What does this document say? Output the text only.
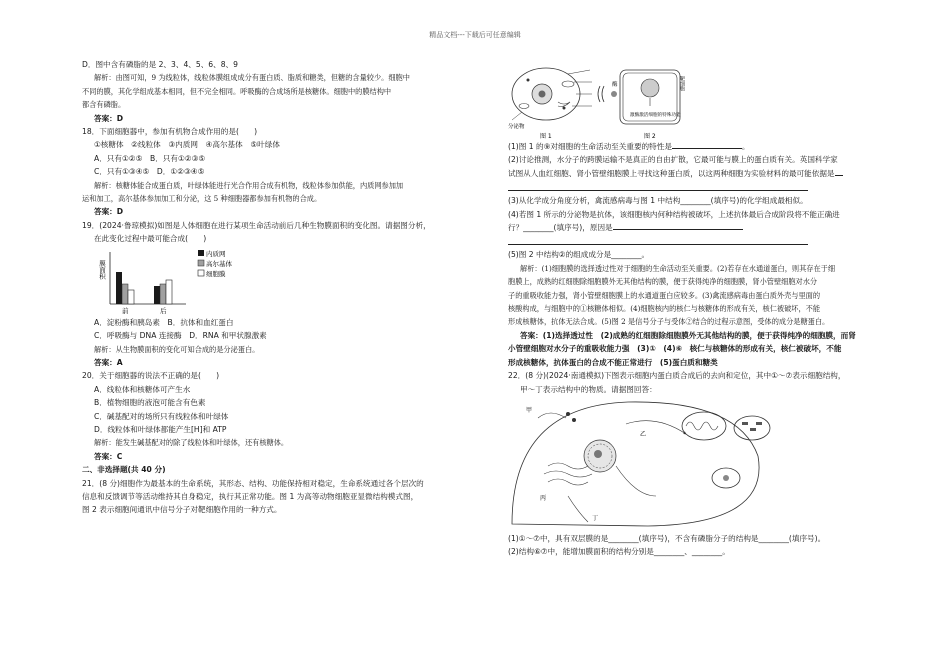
精品文档---下载后可任意编辑
D．图中含有磷脂的是 2、3、4、5、6、8、9
解析：由图可知，9 为线粒体，线粒体膜组成成分有蛋白质、脂质和糖类，但糖的含量较少。细胞中
不同的膜，其化学组成基本相同，但不完全相同。呼吸酶的合成场所是核糖体。细胞中的膜结构中
都含有磷脂。
答案：D
18．下面细胞器中，参加有机物合成作用的是(　　)
①核糖体　②线粒体　③内质网　④高尔基体　⑤叶绿体
A．只有①②⑤　B．只有①②③⑤
C．只有①③④⑤　D．①②③④⑤
解析：核糖体能合成蛋白质，叶绿体能进行光合作用合成有机物，线粒体参加供能，内质网参加加
运和加工，高尔基体参加加工和分泌，这 5 种细胞器都参加有机物的合成。
答案：D
19．(2024·鲁琼模拟)如图是人体细胞在进行某项生命活动前后几种生物膜面积的变化图。请据图分析，
在此变化过程中最可能合成(　　)
膜面积
前	后
内质网
高尔基体
细胞膜
A．淀粉酶和胰岛素　B．抗体和血红蛋白
C．呼吸酶与 DNA 连接酶　D．RNA 和甲状腺激素
解析：从生物膜面积的变化可知合成的是分泌蛋白。
答案：A
20．关于细胞器的说法不正确的是(　　)
A．线粒体和核糖体可产生水
B．植物细胞的液泡可能含有色素
C．碱基配对的场所只有线粒体和叶绿体
D．线粒体和叶绿体都能产生[H]和 ATP
解析：能发生碱基配对的除了线粒体和叶绿体，还有核糖体。
答案：C
二、非选择题(共 40 分)
21．(8 分)细胞作为最基本的生命系统，其形态、结构、功能保持相对稳定，生命系统通过各个层次的
信息和反馈调节等活动维持其自身稳定，执行其正常功能。图 1 为高等动物细胞亚显微结构模式图，
图 2 表示细胞间通讯中信号分子对靶细胞作用的一种方式。
分泌物
图 1
酶	靶细胞
激酶激活细胞的特殊功能
图 2
(1)图 1 的⑨对细胞的生命活动至关重要的特性是	。
(2)讨论推测，水分子的跨膜运输不是真正的自由扩散，它最可能与膜上的蛋白质有关。英国科学家
试图从人血红细胞、肾小管壁细胞膜上寻找这种蛋白质，以这两种细胞为实验材料的最可能依据是
(3)从化学成分角度分析，禽流感病毒与图 1 中结构________(填序号)的化学组成最相似。
(4)若图 1 所示的分泌物是抗体，该细胞核内何种结构被破坏，上述抗体最后合成阶段将不能正确进
行？________(填序号)，原因是
(5)图 2 中结构②的组成成分是________。
解析：(1)细胞膜的选择透过性对于细胞的生命活动至关重要。(2)若存在水通道蛋白，则其存在于细
胞膜上，成熟的红细胞除细胞膜外无其他结构的膜，便于获得纯净的细胞膜，肾小管壁细胞对水分
子的重吸收能力强，肾小管壁细胞膜上的水通道蛋白应较多。(3)禽流感病毒由蛋白质外壳与里面的
核酸构成，与细胞中的①核糖体相似。(4)细胞核内的核仁与核糖体的形成有关，核仁被破坏，不能
形成核糖体，抗体无法合成。(5)图 2 是信号分子与受体②结合的过程示意图，受体的成分是糖蛋白。
答案：(1)选择透过性　(2)成熟的红细胞除细胞膜外无其他结构的膜，便于获得纯净的细胞膜，而肾
小管壁细胞对水分子的重吸收能力强　(3)①　(4)⑥　核仁与核糖体的形成有关，核仁被破坏，不能
形成核糖体，抗体蛋白的合成不能正常进行　(5)蛋白质和糖类
22．(8 分)(2024·南通模拟)下图表示细胞内蛋白质合成后的去向和定位，其中①～⑦表示细胞结构，
甲～丁表示结构中的物质。请据图回答：
甲
乙
丙
丁
(1)①～⑦中，具有双层膜的是________(填序号)，不含有磷脂分子的结构是________(填序号)。
(2)结构⑥⑦中，能增加膜面积的结构分别是________、________。
